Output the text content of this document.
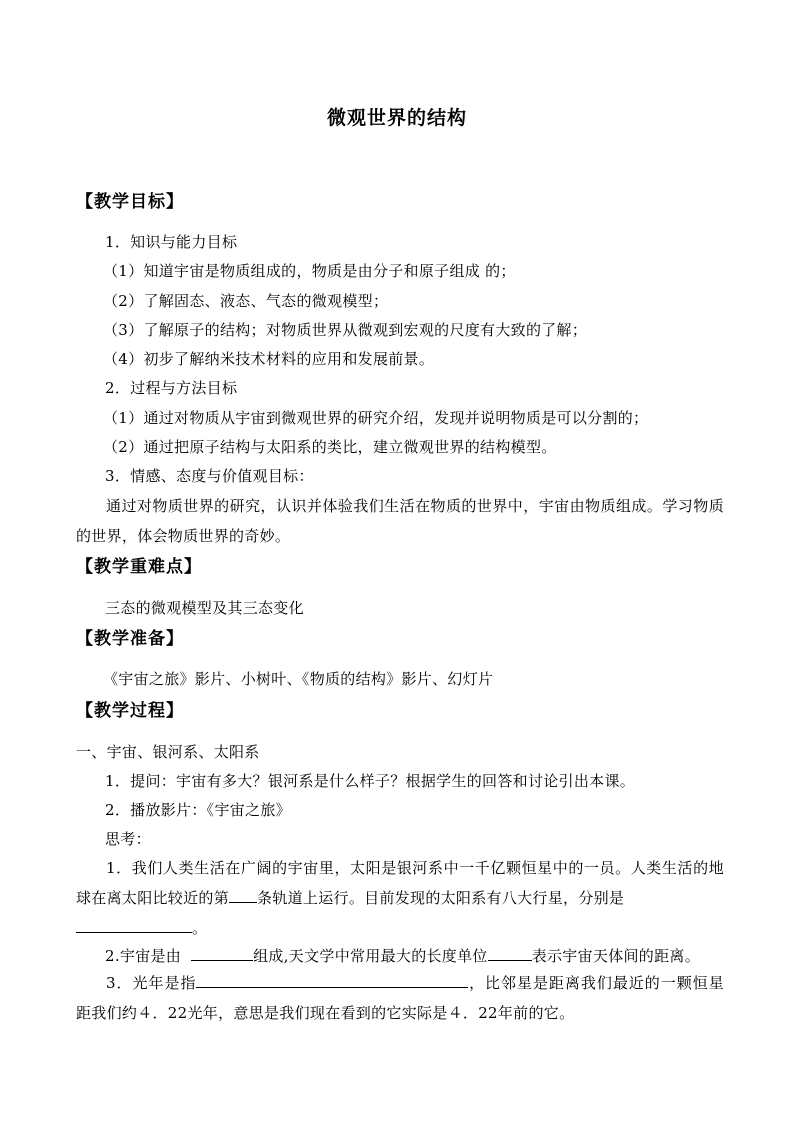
微观世界的结构
【教学目标】
1．知识与能力目标
（1）知道宇宙是物质组成的，物质是由分子和原子组成 的；
（2）了解固态、液态、气态的微观模型；
（3）了解原子的结构；对物质世界从微观到宏观的尺度有大致的了解；
（4）初步了解纳米技术材料的应用和发展前景。
2．过程与方法目标
（1）通过对物质从宇宙到微观世界的研究介绍，发现并说明物质是可以分割的；
（2）通过把原子结构与太阳系的类比，建立微观世界的结构模型。
3．情感、态度与价值观目标：
通过对物质世界的研究，认识并体验我们生活在物质的世界中，宇宙由物质组成。学习物质的世界，体会物质世界的奇妙。
【教学重难点】
三态的微观模型及其三态变化
【教学准备】
《宇宙之旅》影片、小树叶、《物质的结构》影片、幻灯片
【教学过程】
一、宇宙、银河系、太阳系
1．提问：宇宙有多大？银河系是什么样子？根据学生的回答和讨论引出本课。
2．播放影片：《宇宙之旅》
思考：
1．我们人类生活在广阔的宇宙里，太阳是银河系中一千亿颗恒星中的一员。人类生活的地球在离太阳比较近的第 条轨道上运行。目前发现的太阳系有八大行星，分别是
。
2.宇宙是由	组成,天文学中常用最大的长度单位	表示宇宙天体间的距离。
3．光年是指	，比邻星是距离我们最近的一颗恒星距我们约４．22光年，意思是我们现在看到的它实际是４．22年前的它。
